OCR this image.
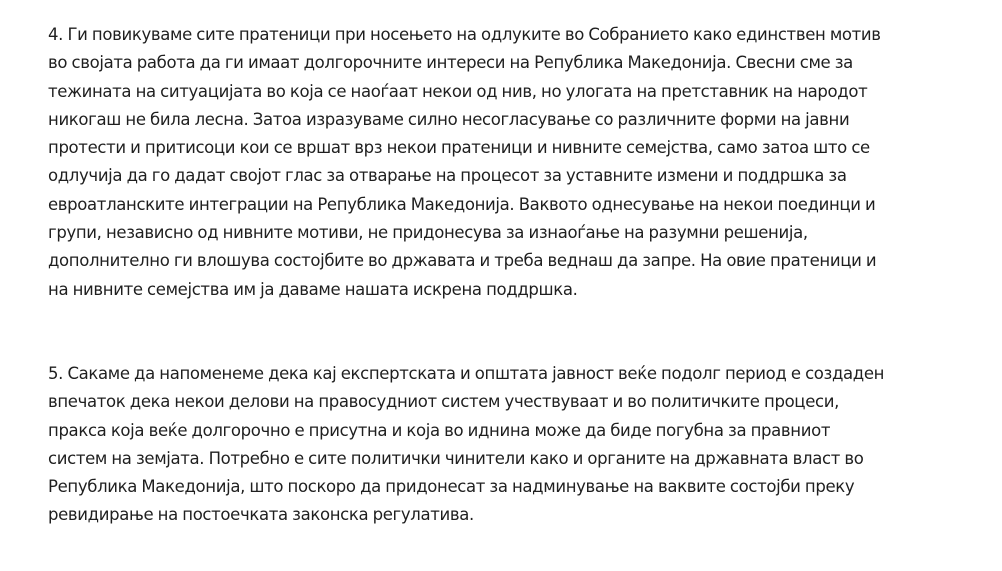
4. Ги повикуваме сите пратеници при носењето на одлуките во Собранието како единствен мотив
во својата работа да ги имаат долгорочните интереси на Република Македонија. Свесни сме за
тежината на ситуацијата во која се наоѓаат некои од нив, но улогата на претставник на народот
никогаш не била лесна. Затоа изразуваме силно несогласување со различните форми на јавни
протести и притисоци кои се вршат врз некои пратеници и нивните семејства, само затоа што се
одлучија да го дадат својот глас за отварање на процесот за уставните измени и поддршка за
евроатланските интеграции на Република Македонија. Ваквото однесување на некои поединци и
групи, независно од нивните мотиви, не придонесува за изнаоѓање на разумни решенија,
дополнително ги влошува состојбите во државата и треба веднаш да запре. На овие пратеници и
на нивните семејства им ја даваме нашата искрена поддршка.

5. Сакаме да напоменеме дека кај експертската и општата јавност веќе подолг период е создаден
впечаток дека некои делови на правосудниот систем учествуваат и во политичките процеси,
пракса која веќе долгорочно е присутна и која во иднина може да биде погубна за правниот
систем на земјата. Потребно е сите политички чинители како и органите на државната власт во
Република Македонија, што поскоро да придонесат за надминување на ваквите состојби преку
ревидирање на постоечката законска регулатива.
